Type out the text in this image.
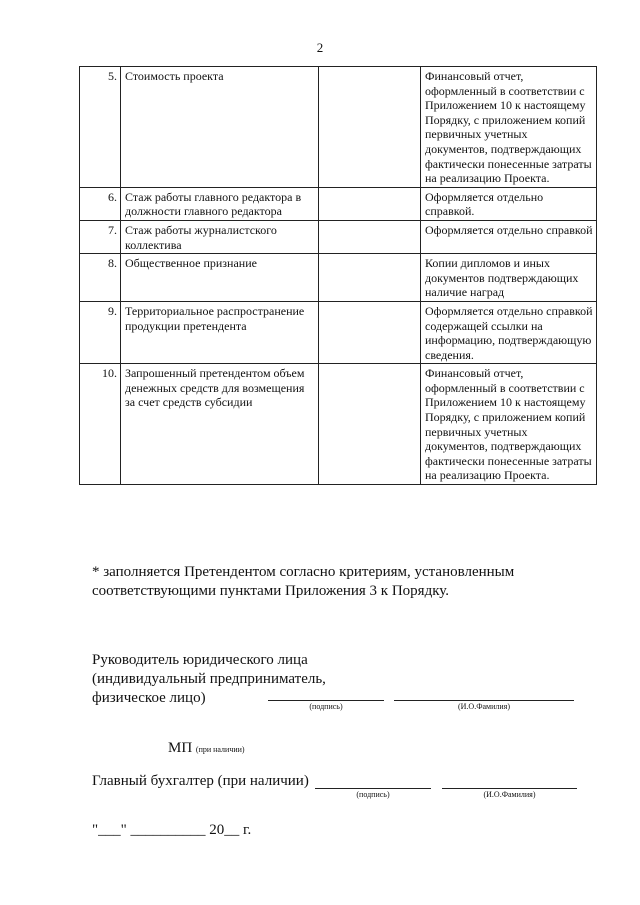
2
5.	Стоимость проекта		Финансовый отчет, оформленный в соответствии с Приложением 10 к настоящему Порядку, с приложением копий первичных учетных документов, подтверждающих фактически понесенные затраты на реализацию Проекта.
6.	Стаж работы главного редактора в должности главного редактора		Оформляется отдельно справкой.
7.	Стаж работы журналистского коллектива		Оформляется отдельно справкой
8.	Общественное признание		Копии дипломов и иных документов подтверждающих наличие наград
9.	Территориальное распространение продукции претендента		Оформляется отдельно справкой содержащей ссылки на информацию, подтверждающую сведения.
10.	Запрошенный претендентом объем денежных средств для возмещения за счет средств субсидии		Финансовый отчет, оформленный в соответствии с Приложением 10 к настоящему Порядку, с приложением копий первичных учетных документов, подтверждающих фактически понесенные затраты на реализацию Проекта.
* заполняется Претендентом согласно критериям, установленным соответствующими пунктами Приложения 3 к Порядку.
Руководитель юридического лица
(индивидуальный предприниматель,
физическое лицо)
(подпись)	(И.О.Фамилия)
МП (при наличии)
Главный бухгалтер (при наличии)
(подпись)	(И.О.Фамилия)
"___" __________ 20__ г.
